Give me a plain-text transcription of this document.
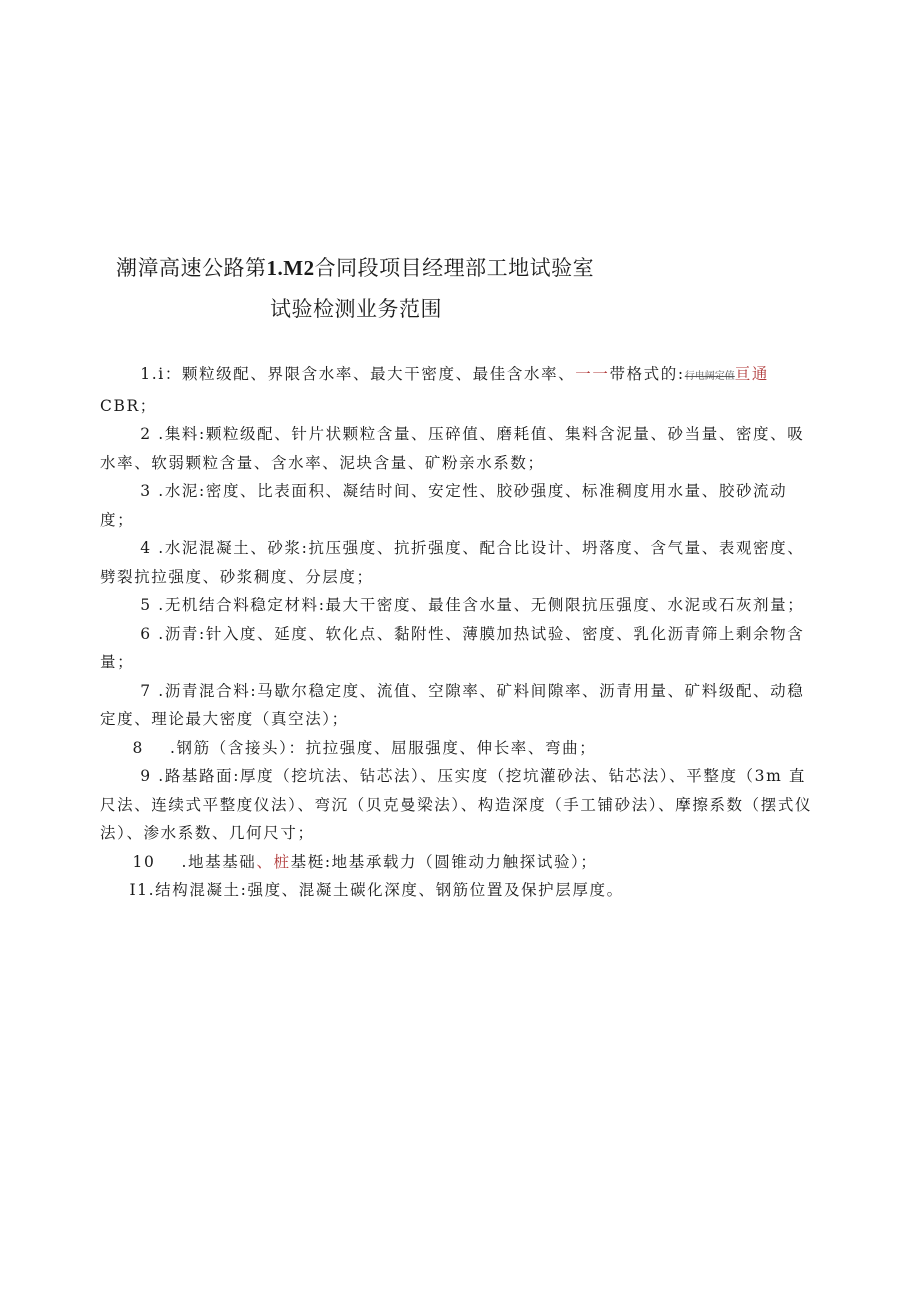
潮漳高速公路第1.M2合同段项目经理部工地试验室
试验检测业务范围

1.i：颗粒级配、界限含水率、最大干密度、最佳含水率、一一带格式的:行电阔定值亘通 CBR；

2 .集料:颗粒级配、针片状颗粒含量、压碎值、磨耗值、集料含泥量、砂当量、密度、吸水率、软弱颗粒含量、含水率、泥块含量、矿粉亲水系数；

3 .水泥:密度、比表面积、凝结时间、安定性、胶砂强度、标准稠度用水量、胶砂流动度；

4 .水泥混凝土、砂浆:抗压强度、抗折强度、配合比设计、坍落度、含气量、表观密度、劈裂抗拉强度、砂浆稠度、分层度；

5 .无机结合料稳定材料:最大干密度、最佳含水量、无侧限抗压强度、水泥或石灰剂量；

6 .沥青:针入度、延度、软化点、黏附性、薄膜加热试验、密度、乳化沥青筛上剩余物含量；

7 .沥青混合料:马歇尔稳定度、流值、空隙率、矿料间隙率、沥青用量、矿料级配、动稳定度、理论最大密度（真空法）；

8 .钢筋（含接头）：抗拉强度、屈服强度、伸长率、弯曲；

9 .路基路面:厚度（挖坑法、钻芯法）、压实度（挖坑灌砂法、钻芯法）、平整度（3m 直尺法、连续式平整度仪法）、弯沉（贝克曼梁法）、构造深度（手工铺砂法）、摩擦系数（摆式仪法）、渗水系数、几何尺寸；

10 .地基基础、桩基梃:地基承载力（圆锥动力触探试验）；

I1.结构混凝土:强度、混凝土碳化深度、钢筋位置及保护层厚度。
